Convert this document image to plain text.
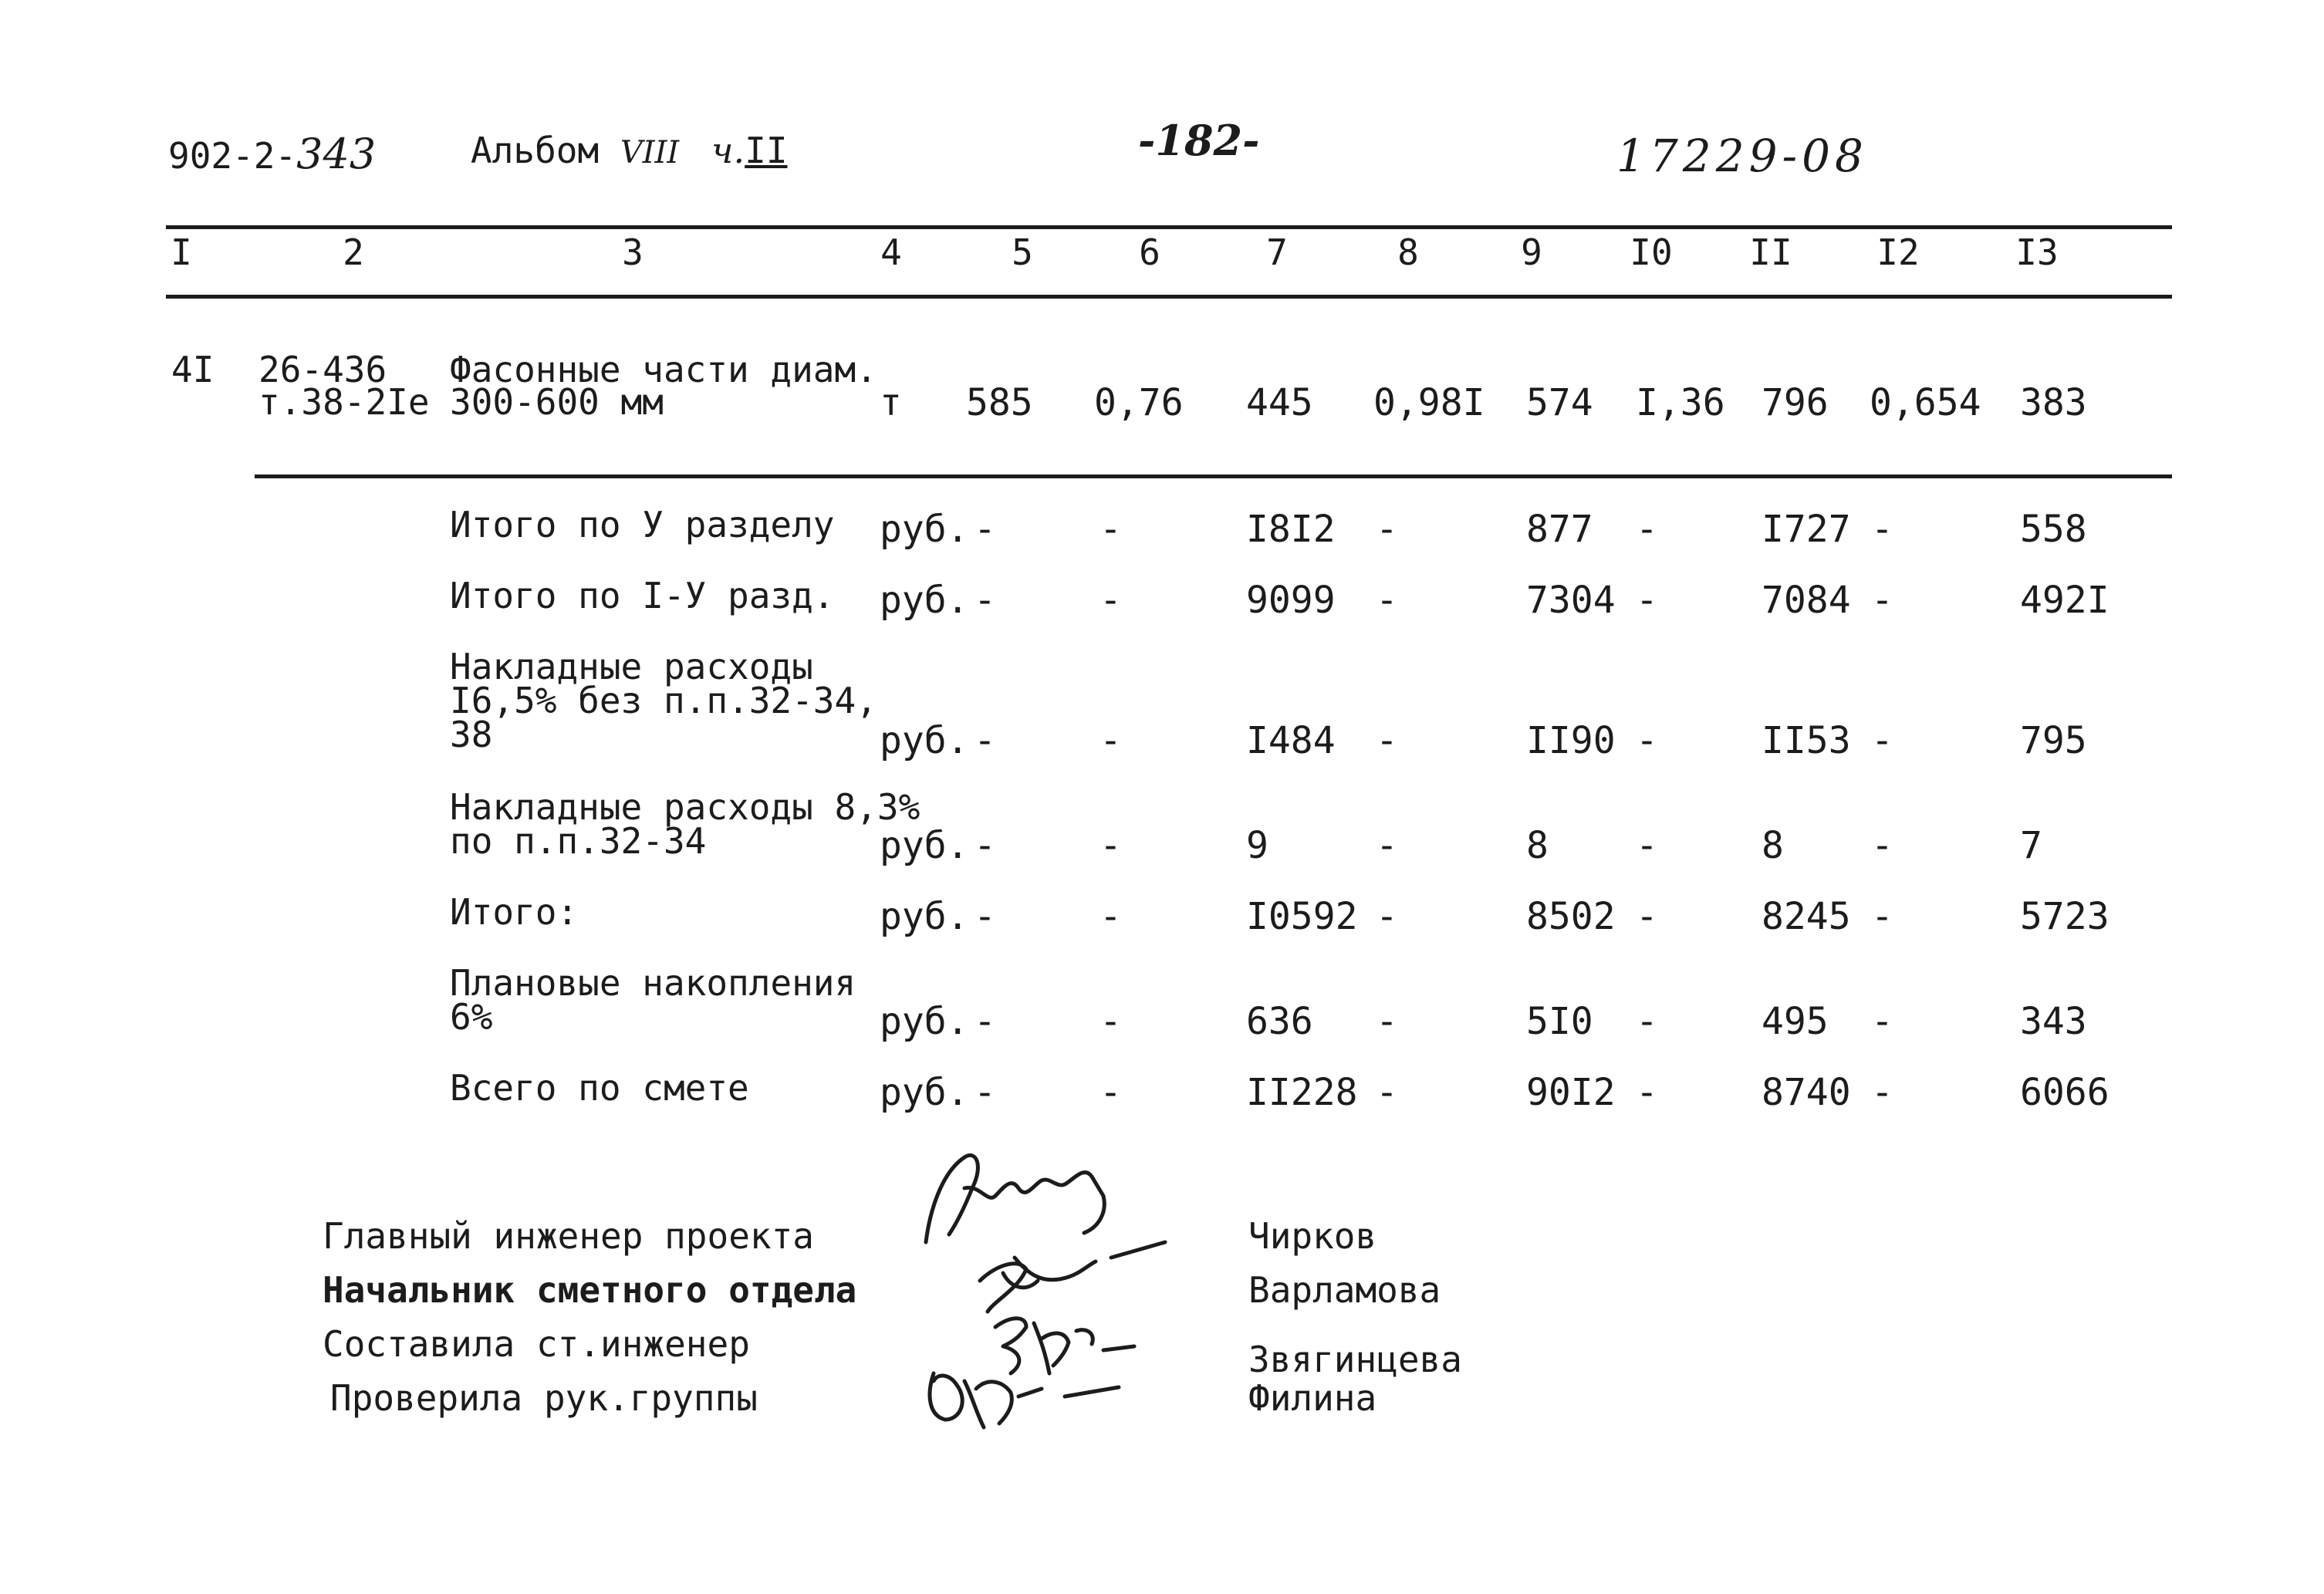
902-2-343	Альбом VIII ч.II	-182-	17229-08
I	2	3	4	5	6	7	8	9	I0 II I2	I3
4I 26-436
т.38-2Iе
Фасонные части диам.
300-600 мм	т 585 0,76 445 0,98I 574 I,36 796 0,654 383
Итого по У разделу руб. -	-	I8I2 -	877 -	I727 -	558
Итого по I-У разд. руб. -	-	9099 -	7304 -	7084 -	492I
Накладные расходы
I6,5% без п.п.32-34,
38	руб. -	-	I484 -	II90 -	II53 -	795
Накладные расходы 8,3%
по п.п.32-34	руб. -	-	9	-	8 -	8 -	7
Итого:	руб. -	-	I0592 -	8502 -	8245 -	5723
Плановые накопления
6%	руб. -	-	636 -	5I0 -	495 -	343
Всего по смете	руб. -	-	II228 -	90I2 -	8740 -	6066
Главный инженер проекта	Чирков
Начальник сметного отдела	Варламова
Составила ст.инженер	Звягинцева
Проверила рук.группы	Филина
